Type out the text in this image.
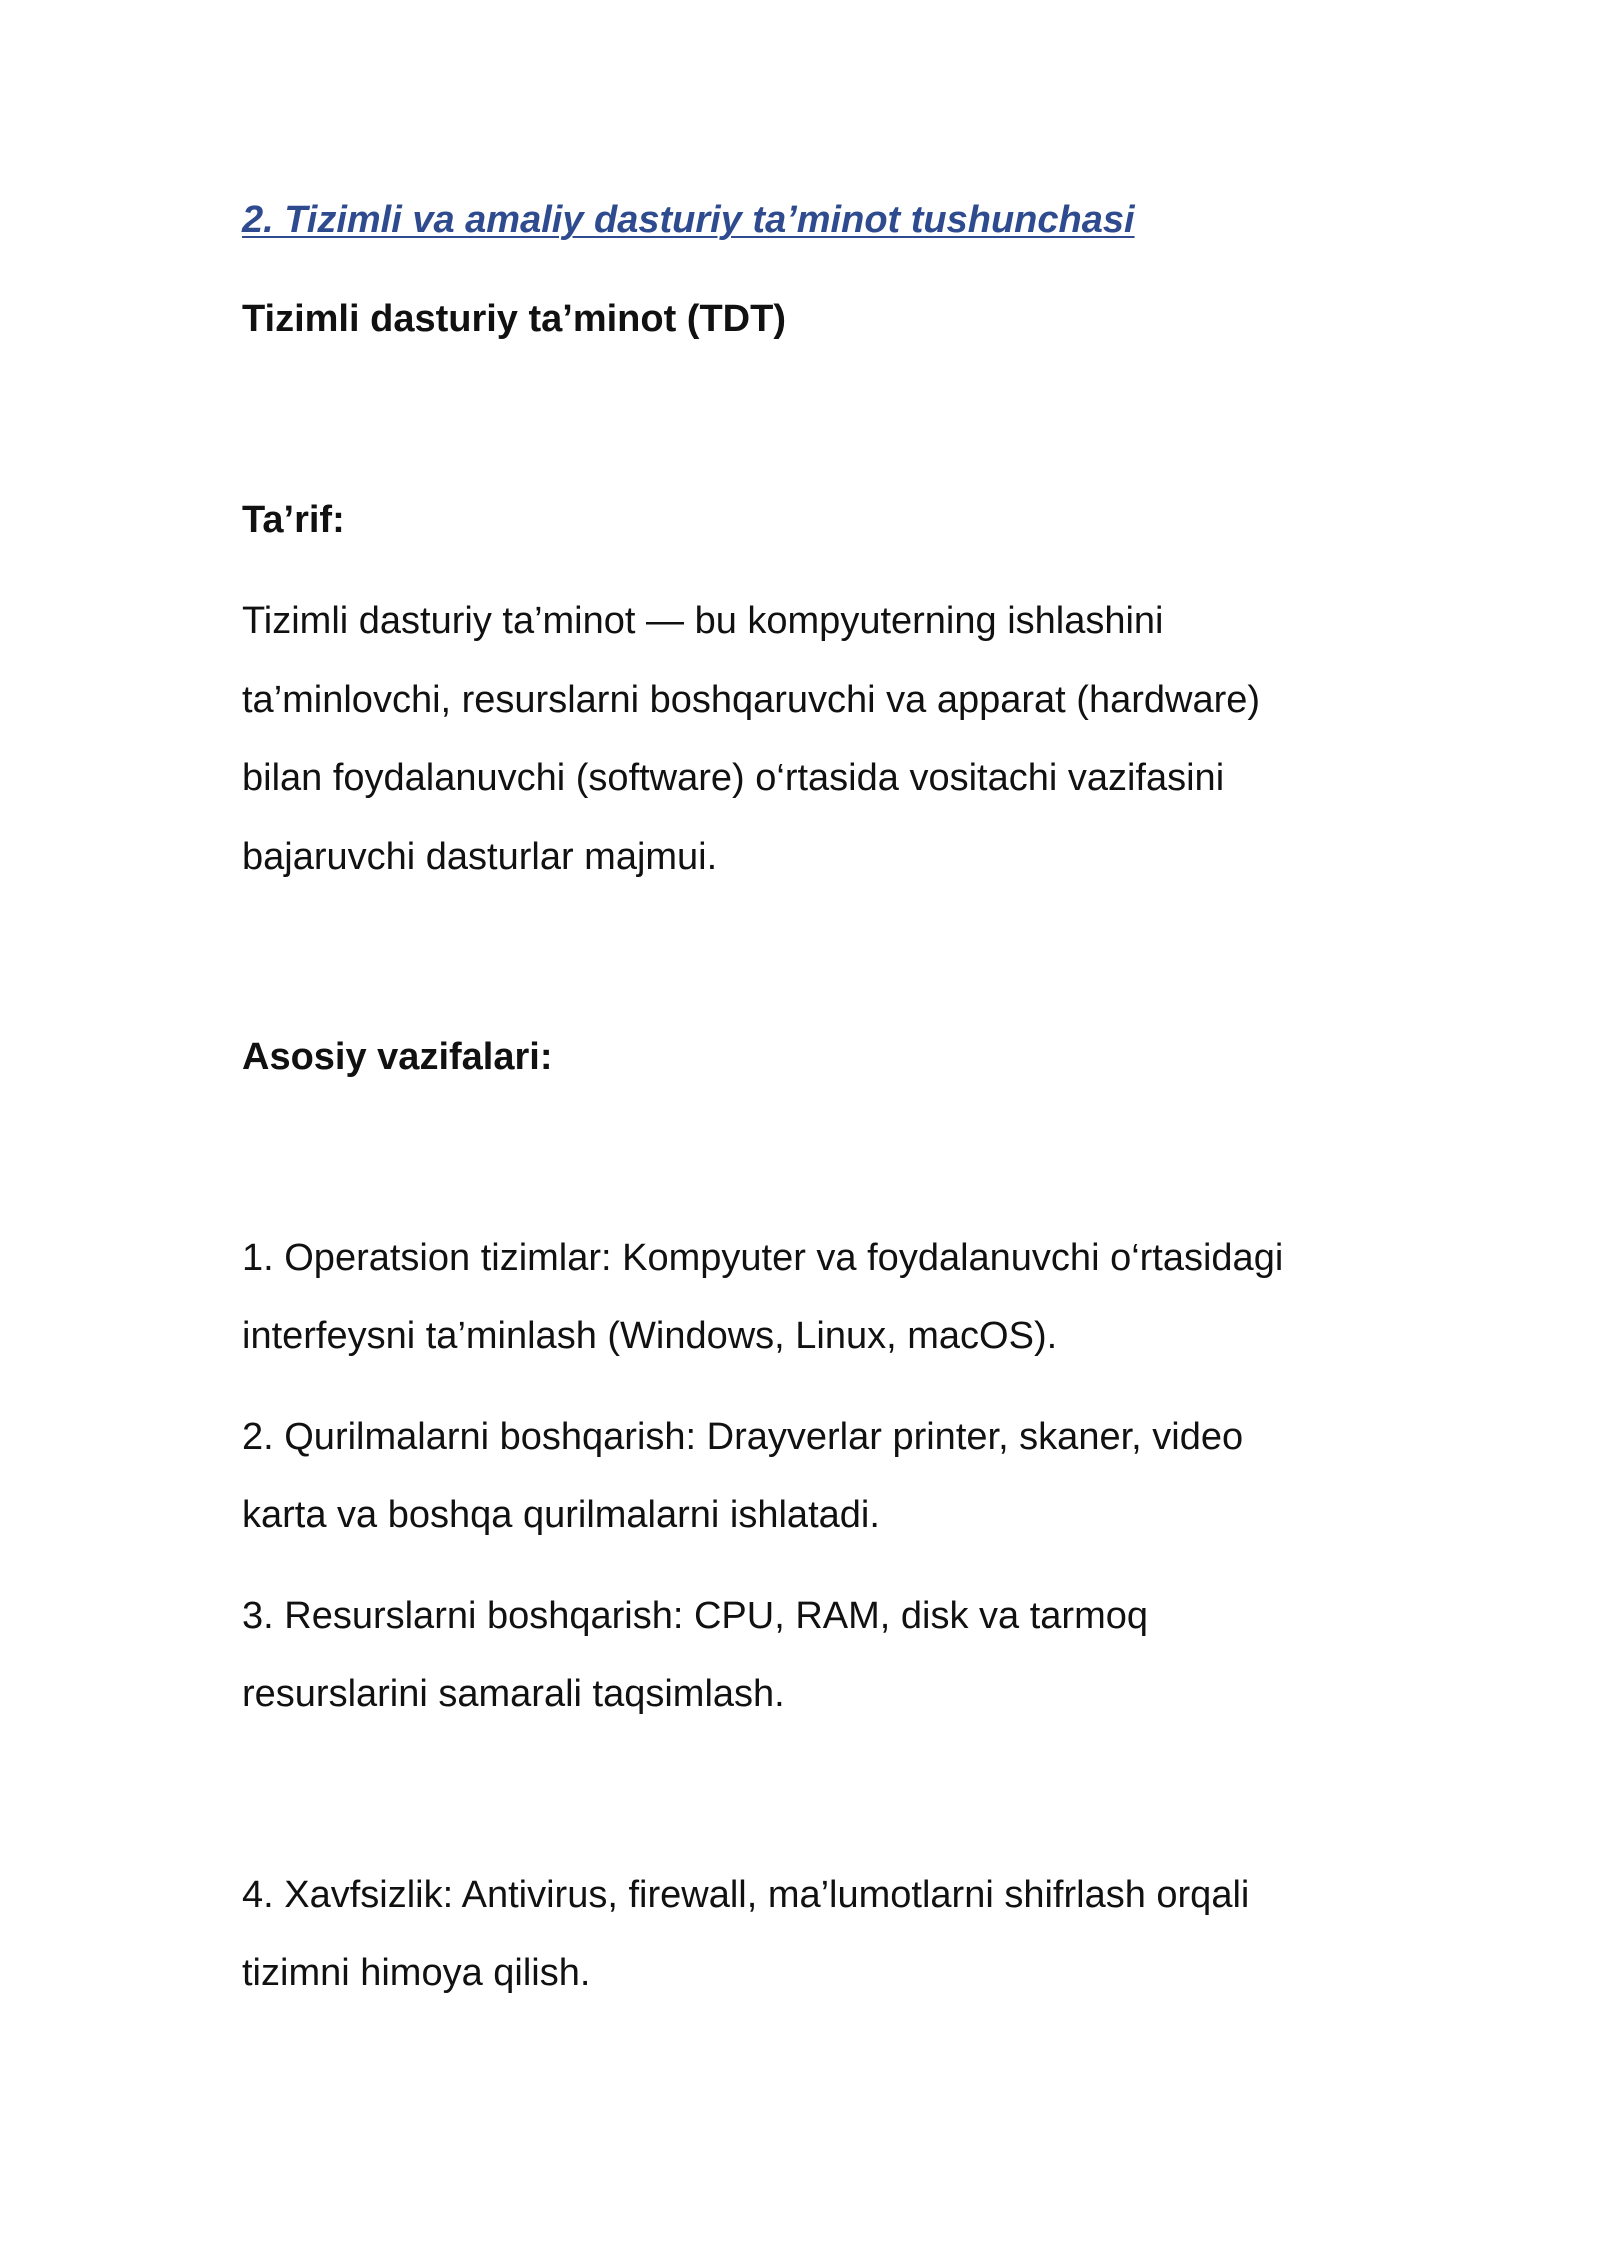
2. Tizimli va amaliy dasturiy ta’minot tushunchasi
Tizimli dasturiy ta’minot (TDT)
Ta’rif:
Tizimli dasturiy ta’minot — bu kompyuterning ishlashini
ta’minlovchi, resurslarni boshqaruvchi va apparat (hardware)
bilan foydalanuvchi (software) o‘rtasida vositachi vazifasini
bajaruvchi dasturlar majmui.
Asosiy vazifalari:
1. Operatsion tizimlar: Kompyuter va foydalanuvchi o‘rtasidagi
interfeysni ta’minlash (Windows, Linux, macOS).
2. Qurilmalarni boshqarish: Drayverlar printer, skaner, video
karta va boshqa qurilmalarni ishlatadi.
3. Resurslarni boshqarish: CPU, RAM, disk va tarmoq
resurslarini samarali taqsimlash.
4. Xavfsizlik: Antivirus, firewall, ma’lumotlarni shifrlash orqali
tizimni himoya qilish.
